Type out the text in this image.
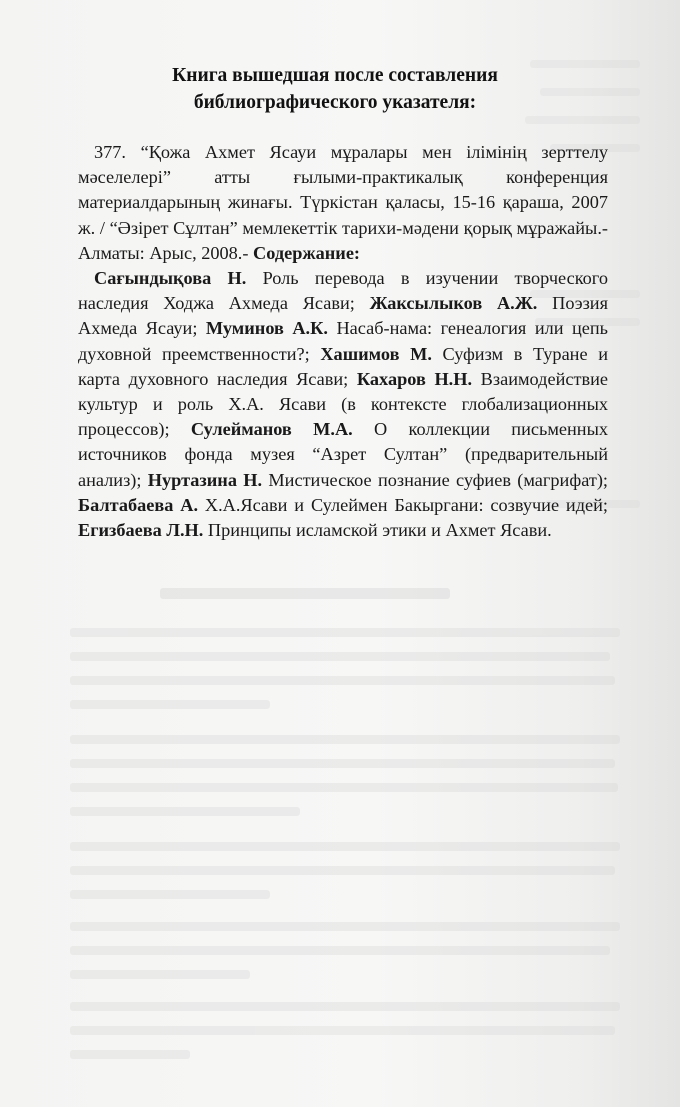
Книга вышедшая после составления
библиографического указателя:

377. “Қожа Ахмет Ясауи мұралары мен ілімінің зерттелу мәселелері” атты ғылыми-практикалық конференция материалдарының жинағы. Түркістан қаласы, 15-16 қараша, 2007 ж. / “Әзірет Сұлтан” мемлекеттік тарихи-мәдени қорық мұражайы.- Алматы: Арыс, 2008.- Содержание:

Сағындықова Н. Роль перевода в изучении творческого наследия Ходжа Ахмеда Ясави; Жаксылыков А.Ж. Поэзия Ахмеда Ясауи; Муминов А.К. Насаб-нама: генеалогия или цепь духовной преемственности?; Хашимов М. Суфизм в Туране и карта духовного наследия Ясави; Кахаров Н.Н. Взаимодействие культур и роль Х.А. Ясави (в контексте глобализационных процессов); Сулейманов М.А. О коллекции письменных источников фонда музея “Азрет Султан” (предварительный анализ); Нуртазина Н. Мистическое познание суфиев (магрифат); Балтабаева А. Х.А.Ясави и Сулеймен Бакыргани: созвучие идей; Егизбаева Л.Н. Принципы исламской этики и Ахмет Ясави.
